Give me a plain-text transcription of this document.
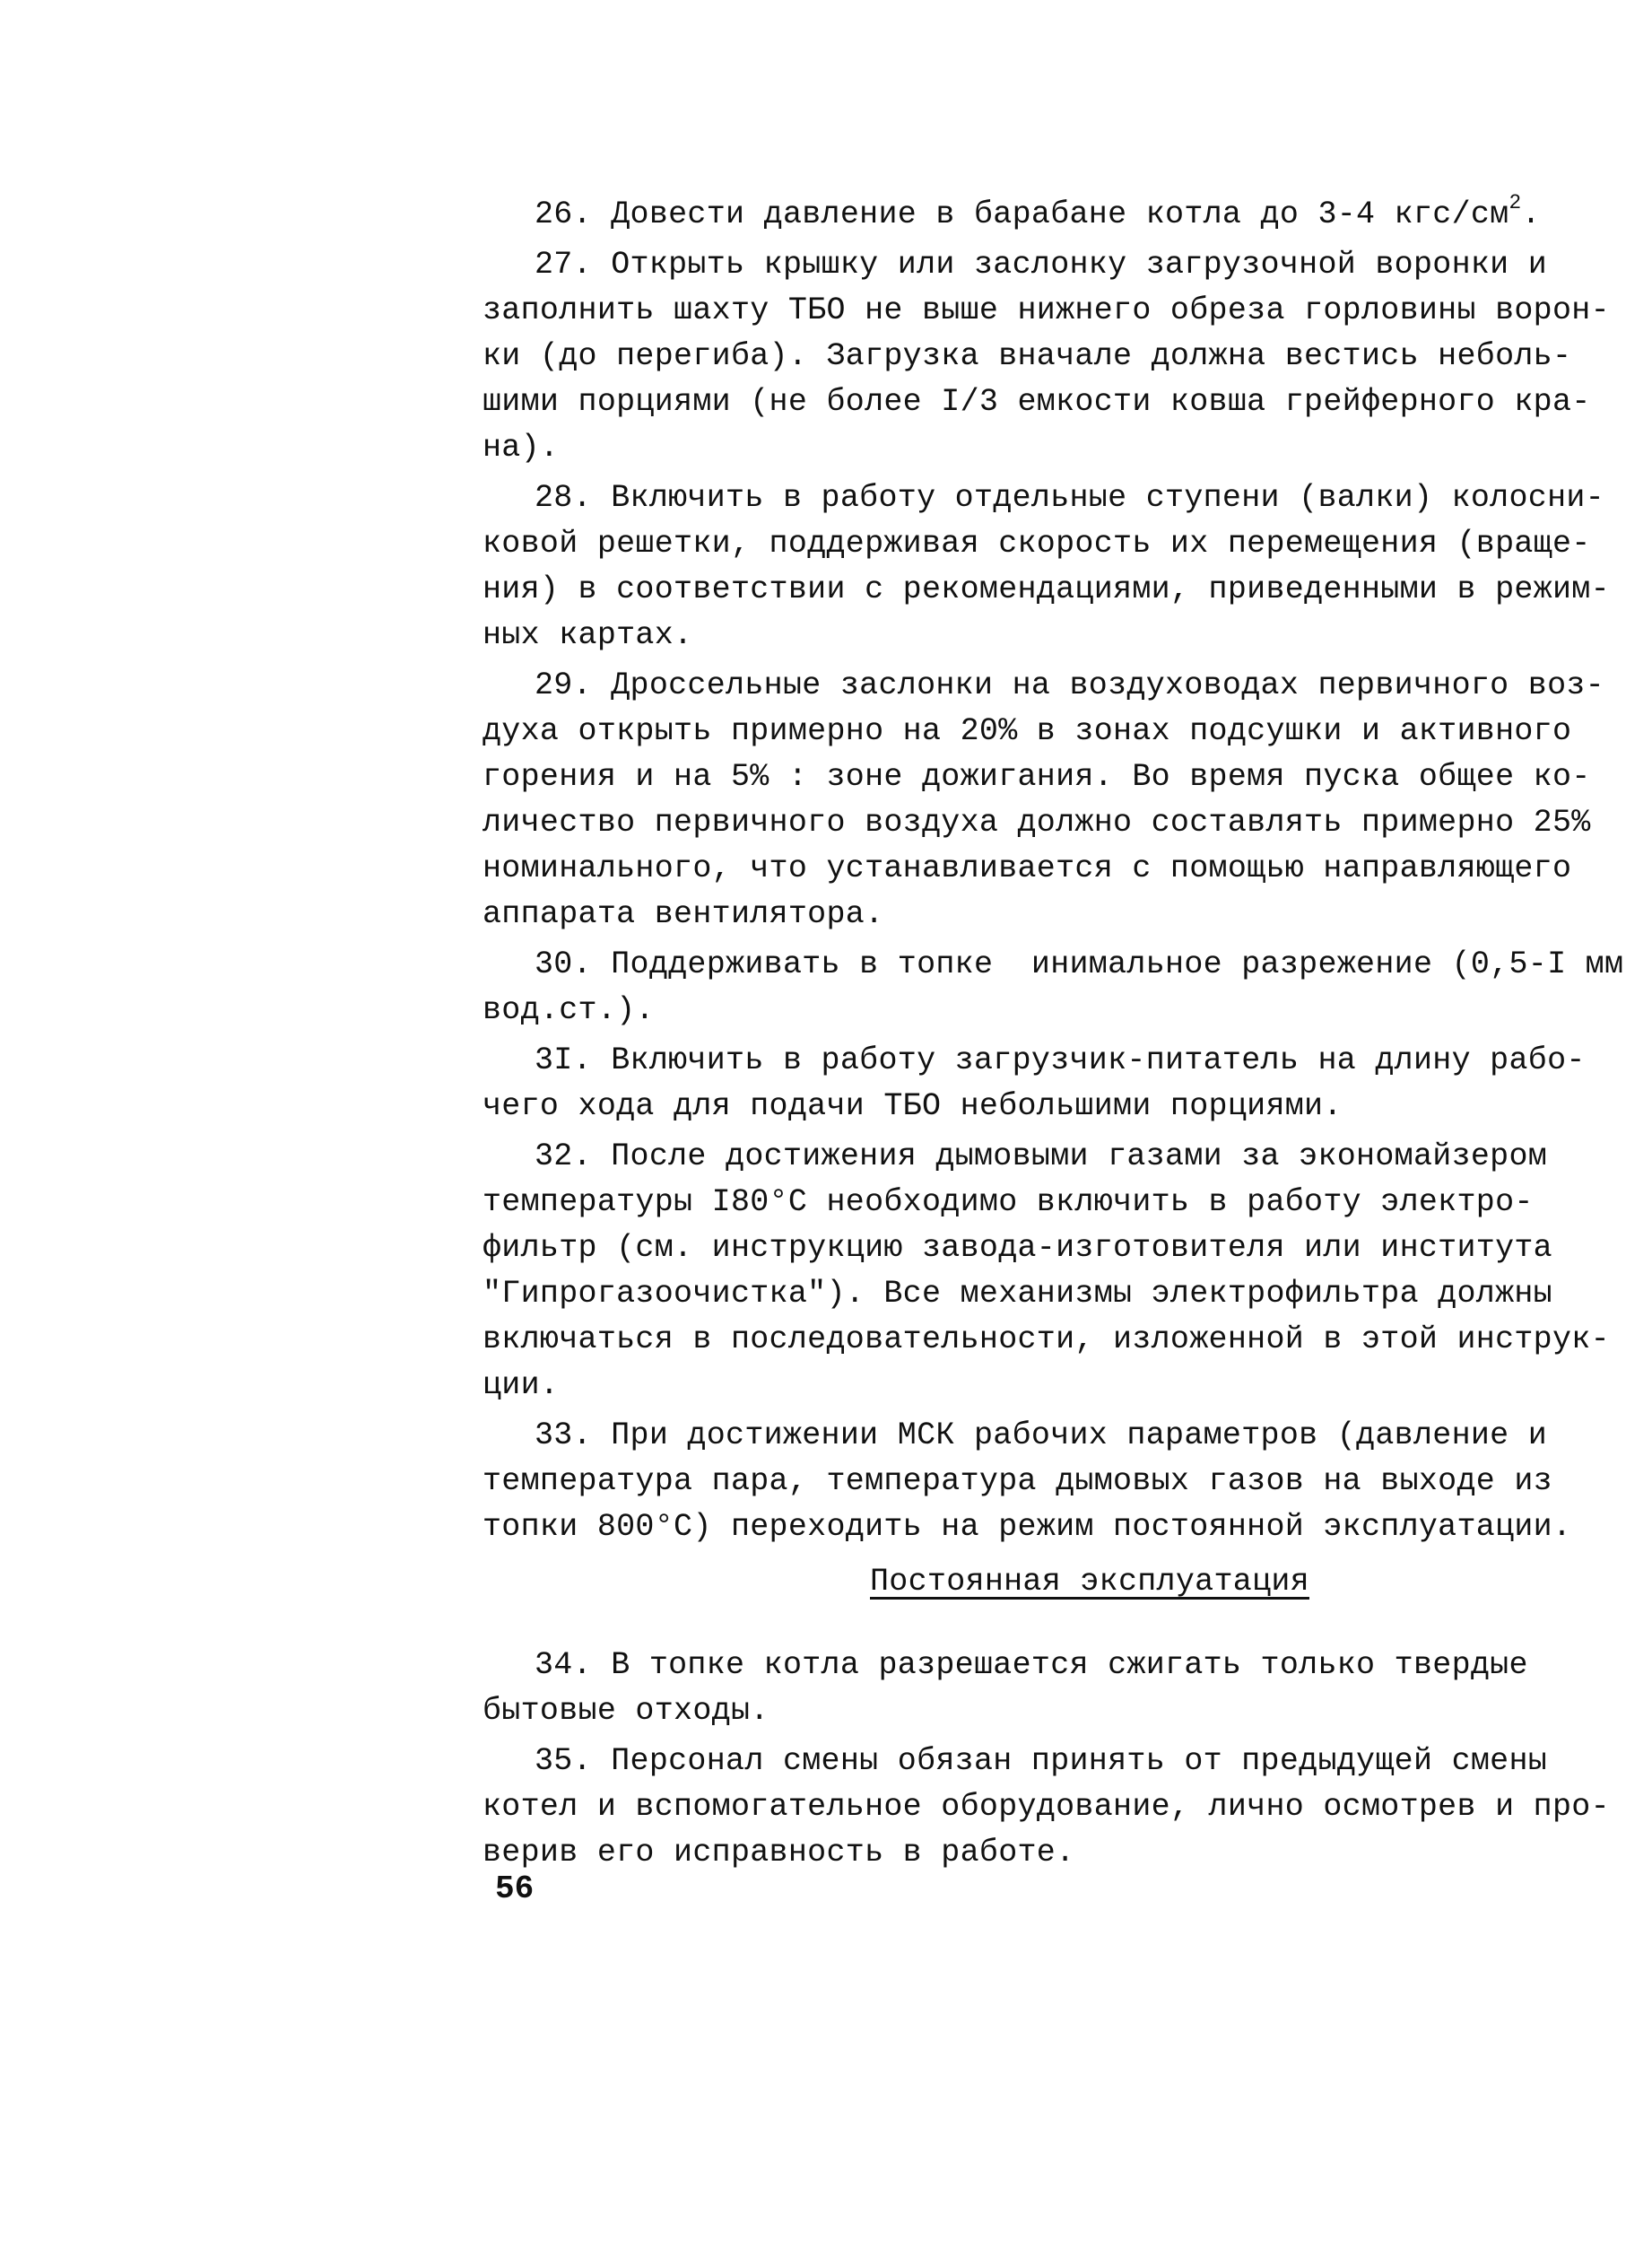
26. Довести давление в барабане котла до 3-4 кгс/$см^2$.
27. Открыть крышку или заслонку загрузочной воронки и
заполнить шахту ТБО не выше нижнего обреза горловины ворон-
ки (до перегиба). Загрузка вначале должна вестись неболь-
шими порциями (не более I/3 емкости ковша грейферного кра-
на).
28. Включить в работу отдельные ступени (валки) колосни-
ковой решетки, поддерживая скорость их перемещения (враще-
ния) в соответствии с рекомендациями, приведенными в режим-
ных картах.
29. Дроссельные заслонки на воздуховодах первичного воз-
духа открыть примерно на 20% в зонах подсушки и активного
горения и на 5% : зоне дожигания. Во время пуска общее ко-
личество первичного воздуха должно составлять примерно 25%
номинального, что устанавливается с помощью направляющего
аппарата вентилятора.
30. Поддерживать в топке  инимальное разрежение (0,5-I мм
вод.ст.).
3I. Включить в работу загрузчик-питатель на длину рабо-
чего хода для подачи ТБО небольшими порциями.
32. После достижения дымовыми газами за экономайзером
температуры I80°С необходимо включить в работу электро-
фильтр (см. инструкцию завода-изготовителя или института
"Гипрогазоочистка"). Все механизмы электрофильтра должны
включаться в последовательности, изложенной в этой инструк-
ции.
33. При достижении МСК рабочих параметров (давление и
температура пара, температура дымовых газов на выходе из
топки 800°С) переходить на режим постоянной эксплуатации.
Постоянная эксплуатация
34. В топке котла разрешается сжигать только твердые
бытовые отходы.
35. Персонал смены обязан принять от предыдущей смены
котел и вспомогательное оборудование, лично осмотрев и про-
верив его исправность в работе.
56
